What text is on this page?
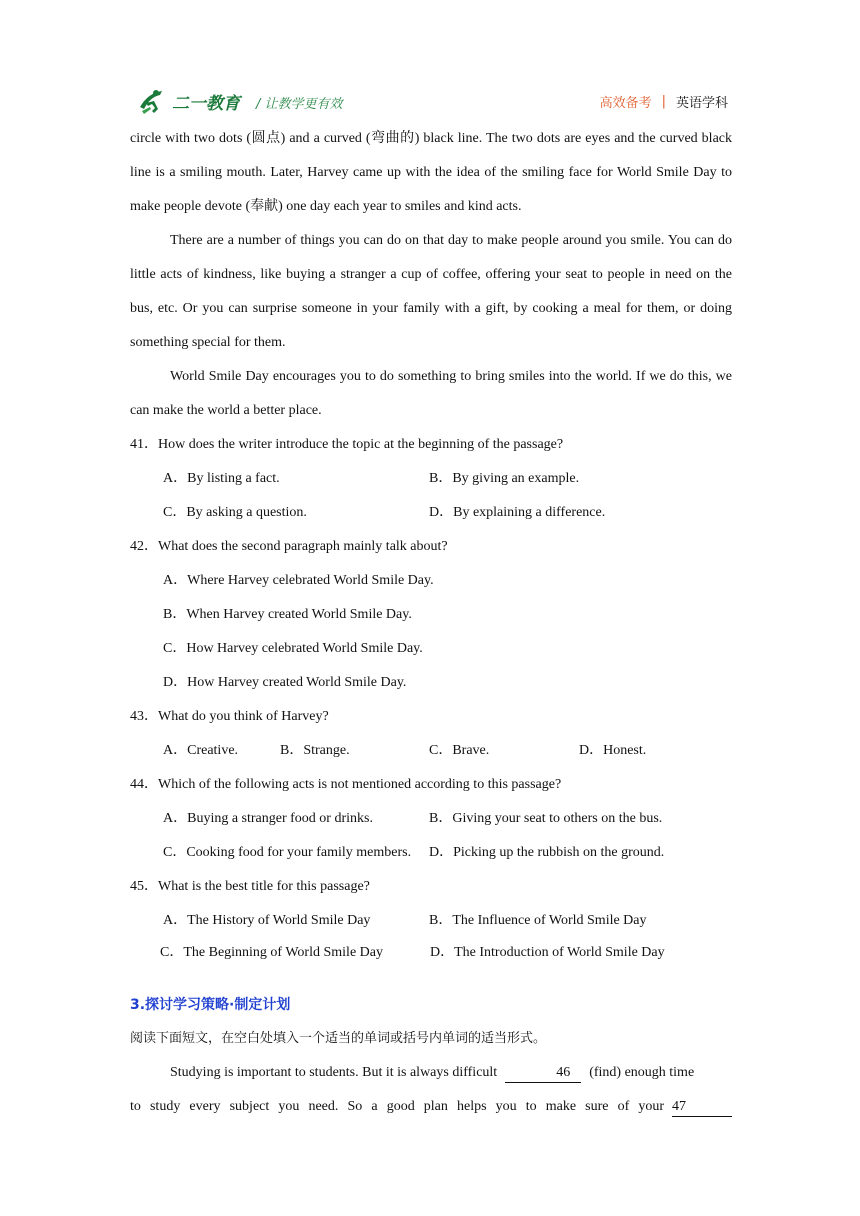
二一教育 / 让教学更有效	高效备考 | 英语学科

circle with two dots (圆点) and a curved (弯曲的) black line. The two dots are eyes and the curved black line is a smiling mouth. Later, Harvey came up with the idea of the smiling face for World Smile Day to make people devote (奉献) one day each year to smiles and kind acts.

There are a number of things you can do on that day to make people around you smile. You can do little acts of kindness, like buying a stranger a cup of coffee, offering your seat to people in need on the bus, etc. Or you can surprise someone in your family with a gift, by cooking a meal for them, or doing something special for them.

World Smile Day encourages you to do something to bring smiles into the world. If we do this, we can make the world a better place.

41．How does the writer introduce the topic at the beginning of the passage?

A．By listing a fact.	B．By giving an example.
C．By asking a question.	D．By explaining a difference.

42．What does the second paragraph mainly talk about?

A．Where Harvey celebrated World Smile Day.

B．When Harvey created World Smile Day.

C．How Harvey celebrated World Smile Day.

D．How Harvey created World Smile Day.

43．What do you think of Harvey?

A．Creative.	B．Strange.	C．Brave.	D．Honest.

44．Which of the following acts is not mentioned according to this passage?

A．Buying a stranger food or drinks.	B．Giving your seat to others on the bus.
C．Cooking food for your family members.	D．Picking up the rubbish on the ground.

45．What is the best title for this passage?

A．The History of World Smile Day	B．The Influence of World Smile Day
C．The Beginning of World Smile Day	D．The Introduction of World Smile Day
3.探讨学习策略·制定计划

阅读下面短文，在空白处填入一个适当的单词或括号内单词的适当形式。

Studying is important to students. But it is always difficult	46 (find) enough time

to study every subject you need. So a good plan helps you to make sure of your 47
